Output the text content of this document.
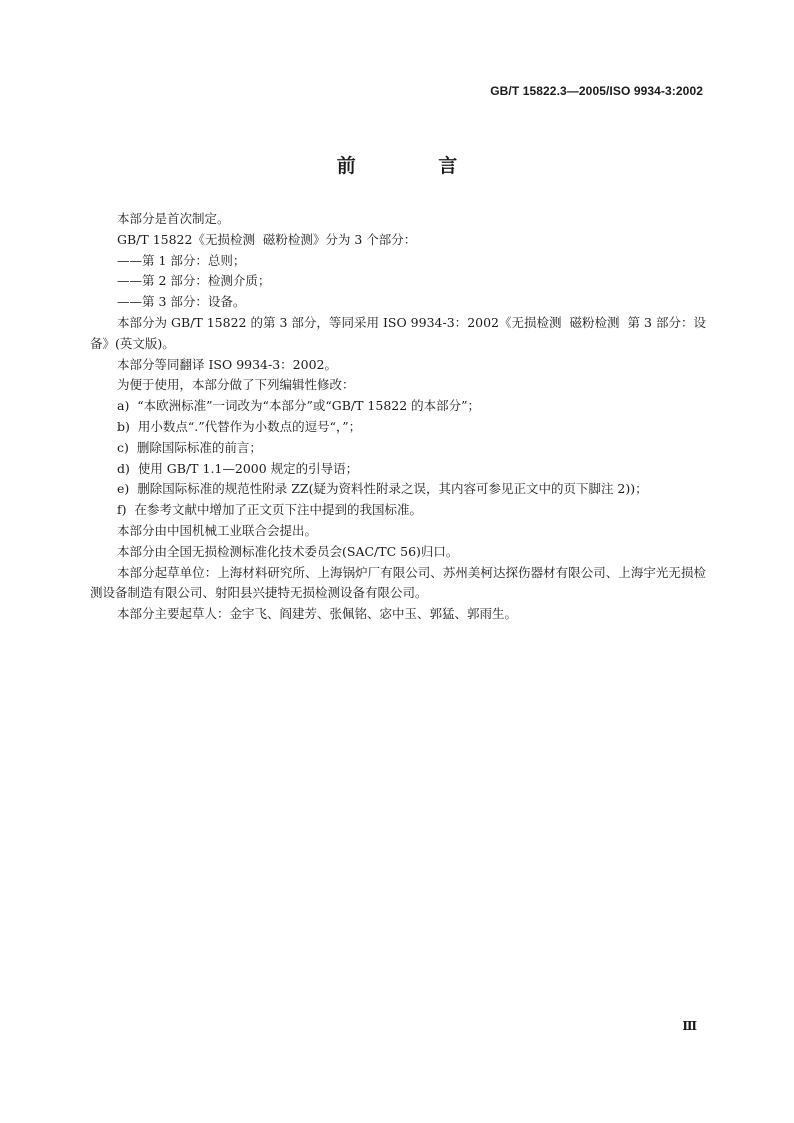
GB/T 15822.3—2005/ISO 9934-3:2002
前 言

本部分是首次制定。

GB/T 15822《无损检测  磁粉检测》分为 3 个部分：

——第 1 部分：总则；

——第 2 部分：检测介质；

——第 3 部分：设备。

本部分为 GB/T 15822 的第 3 部分，等同采用 ISO 9934-3：2002《无损检测  磁粉检测  第 3 部分：设备》(英文版)。

本部分等同翻译 ISO 9934-3：2002。

为便于使用，本部分做了下列编辑性修改：

a)  “本欧洲标准”一词改为“本部分”或“GB/T 15822 的本部分”；

b)  用小数点“.”代替作为小数点的逗号“，”；

c)  删除国际标准的前言；

d)  使用 GB/T 1.1—2000 规定的引导语；

e)  删除国际标准的规范性附录 ZZ(疑为资料性附录之误，其内容可参见正文中的页下脚注 2))；

f)  在参考文献中增加了正文页下注中提到的我国标准。

本部分由中国机械工业联合会提出。

本部分由全国无损检测标准化技术委员会(SAC/TC 56)归口。

本部分起草单位：上海材料研究所、上海锅炉厂有限公司、苏州美柯达探伤器材有限公司、上海宇光无损检测设备制造有限公司、射阳县兴捷特无损检测设备有限公司。

本部分主要起草人：金宇飞、阎建芳、张佩铭、宓中玉、郭猛、郭雨生。

Ⅲ
